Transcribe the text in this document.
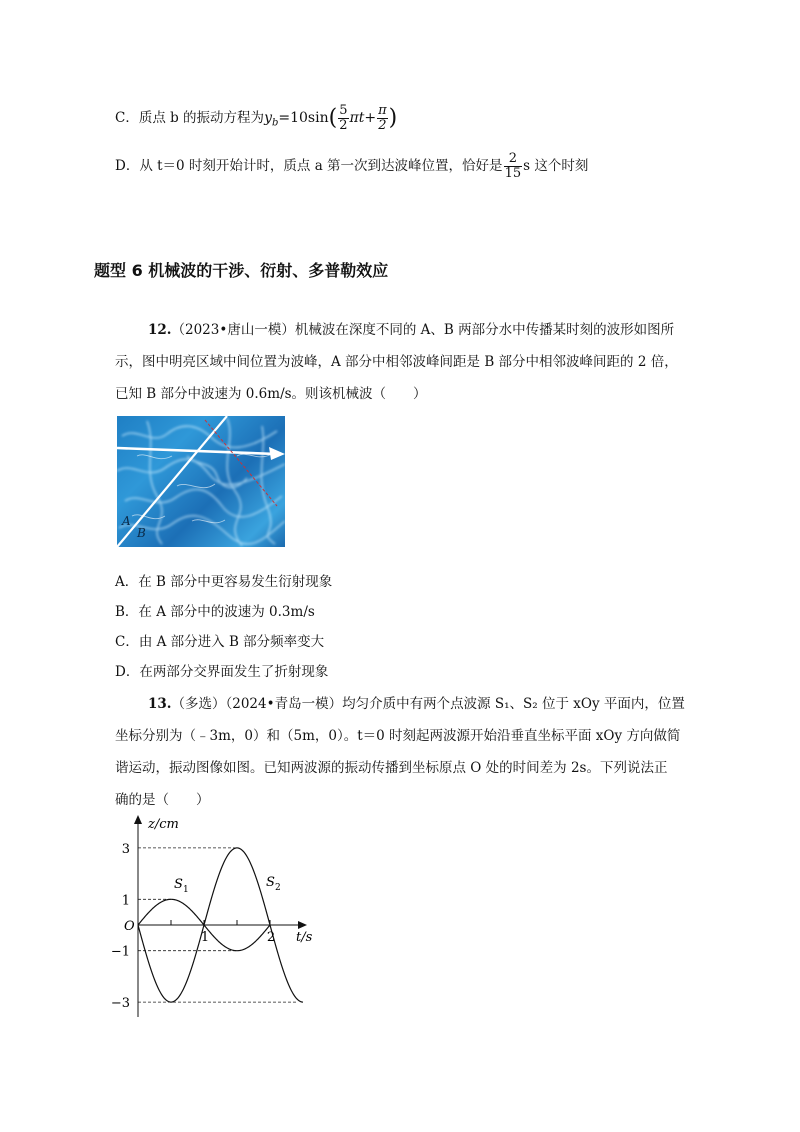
C．质点 b 的振动方程为$y_b=10\sin( \frac{5}{2} \pi t+ \frac{\pi}{2}$ )
D．从 t＝0 时刻开始计时，质点 a 第一次到达波峰位置，恰好是 $\frac{2}{15}$ s 这个时刻
题型 6 机械波的干涉、衍射、多普勒效应
12.（2023•唐山一模）机械波在深度不同的 A、B 两部分水中传播某时刻的波形如图所
示，图中明亮区域中间位置为波峰，A 部分中相邻波峰间距是 B 部分中相邻波峰间距的 2 倍，
已知 B 部分中波速为 0.6m/s。则该机械波（　　）
A
B
A．在 B 部分中更容易发生衍射现象
B．在 A 部分中的波速为 0.3m/s
C．由 A 部分进入 B 部分频率变大
D．在两部分交界面发生了折射现象
13.（多选）（2024•青岛一模）均匀介质中有两个点波源 S₁、S₂ 位于 xOy 平面内，位置
坐标分别为（﹣3m，0）和（5m，0）。t＝0 时刻起两波源开始沿垂直坐标平面 xOy 方向做简
谐运动，振动图像如图。已知两波源的振动传播到坐标原点 O 处的时间差为 2s。下列说法正
确的是（　　）
3
1
−1
−3
1	2
O
z/cm
t/s
S 1	S 2
